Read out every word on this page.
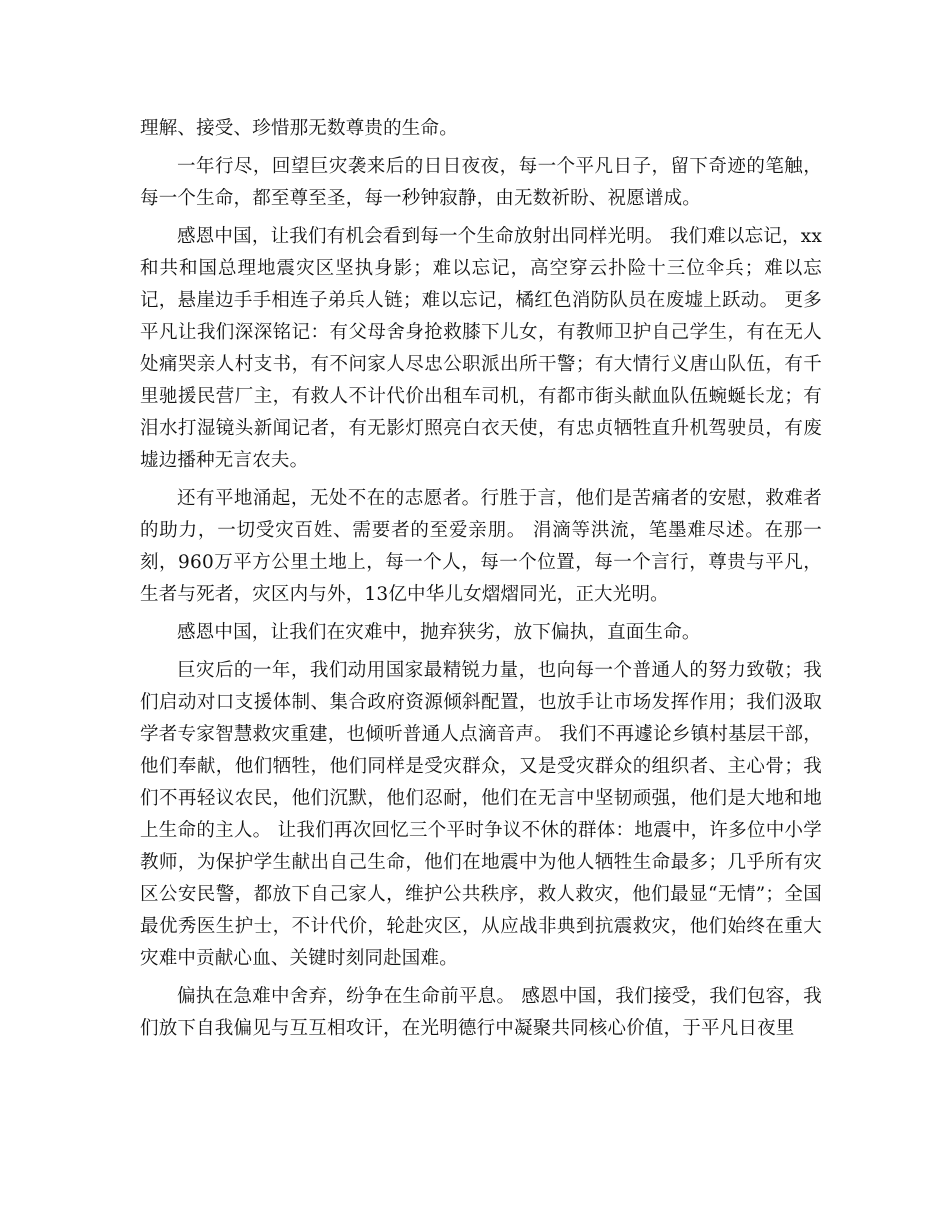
理解、接受、珍惜那无数尊贵的生命。

一年行尽，回望巨灾袭来后的日日夜夜，每一个平凡日子，留下奇迹的笔触，每一个生命，都至尊至圣，每一秒钟寂静，由无数祈盼、祝愿谱成。

感恩中国，让我们有机会看到每一个生命放射出同样光明。 我们难以忘记，xx和共和国总理地震灾区坚执身影；难以忘记，高空穿云扑险十三位伞兵；难以忘记，悬崖边手手相连子弟兵人链；难以忘记，橘红色消防队员在废墟上跃动。 更多平凡让我们深深铭记：有父母舍身抢救膝下儿女，有教师卫护自己学生，有在无人处痛哭亲人村支书，有不问家人尽忠公职派出所干警；有大情行义唐山队伍，有千里驰援民营厂主，有救人不计代价出租车司机，有都市街头献血队伍蜿蜒长龙；有泪水打湿镜头新闻记者，有无影灯照亮白衣天使，有忠贞牺牲直升机驾驶员，有废墟边播种无言农夫。

还有平地涌起，无处不在的志愿者。行胜于言，他们是苦痛者的安慰，救难者的助力，一切受灾百姓、需要者的至爱亲朋。 涓滴等洪流，笔墨难尽述。在那一刻，960万平方公里土地上，每一个人，每一个位置，每一个言行，尊贵与平凡，生者与死者，灾区内与外，13亿中华儿女熠熠同光，正大光明。

感恩中国，让我们在灾难中，抛弃狭劣，放下偏执，直面生命。

巨灾后的一年，我们动用国家最精锐力量，也向每一个普通人的努力致敬；我们启动对口支援体制、集合政府资源倾斜配置，也放手让市场发挥作用；我们汲取学者专家智慧救灾重建，也倾听普通人点滴音声。 我们不再遽论乡镇村基层干部，他们奉献，他们牺牲，他们同样是受灾群众，又是受灾群众的组织者、主心骨；我们不再轻议农民，他们沉默，他们忍耐，他们在无言中坚韧顽强，他们是大地和地上生命的主人。 让我们再次回忆三个平时争议不休的群体：地震中，许多位中小学教师，为保护学生献出自己生命，他们在地震中为他人牺牲生命最多；几乎所有灾区公安民警，都放下自己家人，维护公共秩序，救人救灾，他们最显“无情”；全国最优秀医生护士，不计代价，轮赴灾区，从应战非典到抗震救灾，他们始终在重大灾难中贡献心血、关键时刻同赴国难。

偏执在急难中舍弃，纷争在生命前平息。 感恩中国，我们接受，我们包容，我们放下自我偏见与互互相攻讦，在光明德行中凝聚共同核心价值，于平凡日夜里
